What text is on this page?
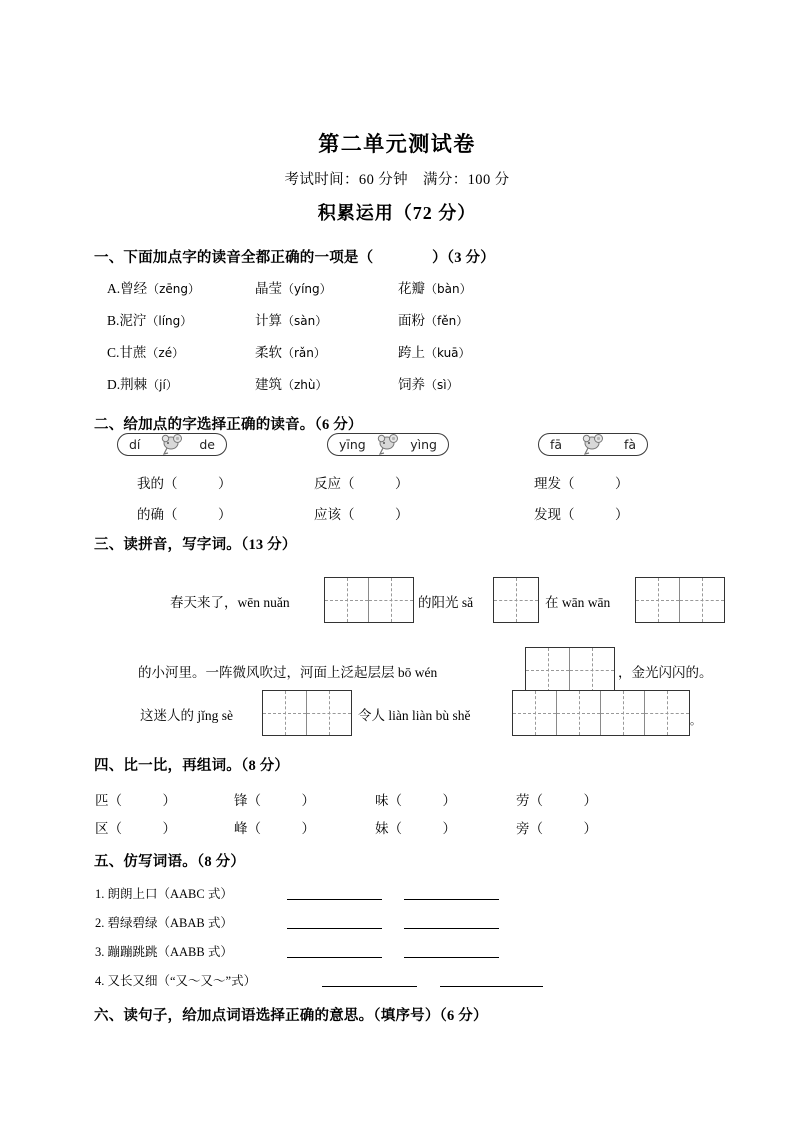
第二单元测试卷
考试时间：60 分钟　满分：100 分
积累运用（72 分）
一、下面加点字的读音全都正确的一项是（　　　　）（3 分）
A.曾经（zēng）	晶莹（yíng）	花瓣（bàn）
B.泥泞（líng）	计算（sàn）	面粉（fěn）
C.甘蔗（zé）	柔软（rǎn）	跨上（kuā）
D.荆棘（jí）	建筑（zhù）	饲养（sì）
二、给加点的字选择正确的读音。（6 分）
dí	de
我的（　　　）
的确（　　　）
yīng	yìng
反应（　　　）
应该（　　　）
fā	fà
理发（　　　）
发现（　　　）
三、读拼音，写字词。（13 分）
春天来了，wēn nuǎn	的阳光 sǎ	在 wān wān
的小河里。一阵微风吹过，河面上泛起层层 bō wén	，金光闪闪的。
这迷人的 jǐng sè	令人 liàn liàn bù shě	。
四、比一比，再组词。（8 分）
匹（　　　）	锋（　　　）	味（　　　）	劳（　　　）
区（　　　）	峰（　　　）	妹（　　　）	旁（　　　）
五、仿写词语。（8 分）
1. 朗朗上口（AABC 式）
2. 碧绿碧绿（ABAB 式）
3. 蹦蹦跳跳（AABB 式）
4. 又长又细（“又～又～”式）
六、读句子，给加点词语选择正确的意思。（填序号）（6 分）
